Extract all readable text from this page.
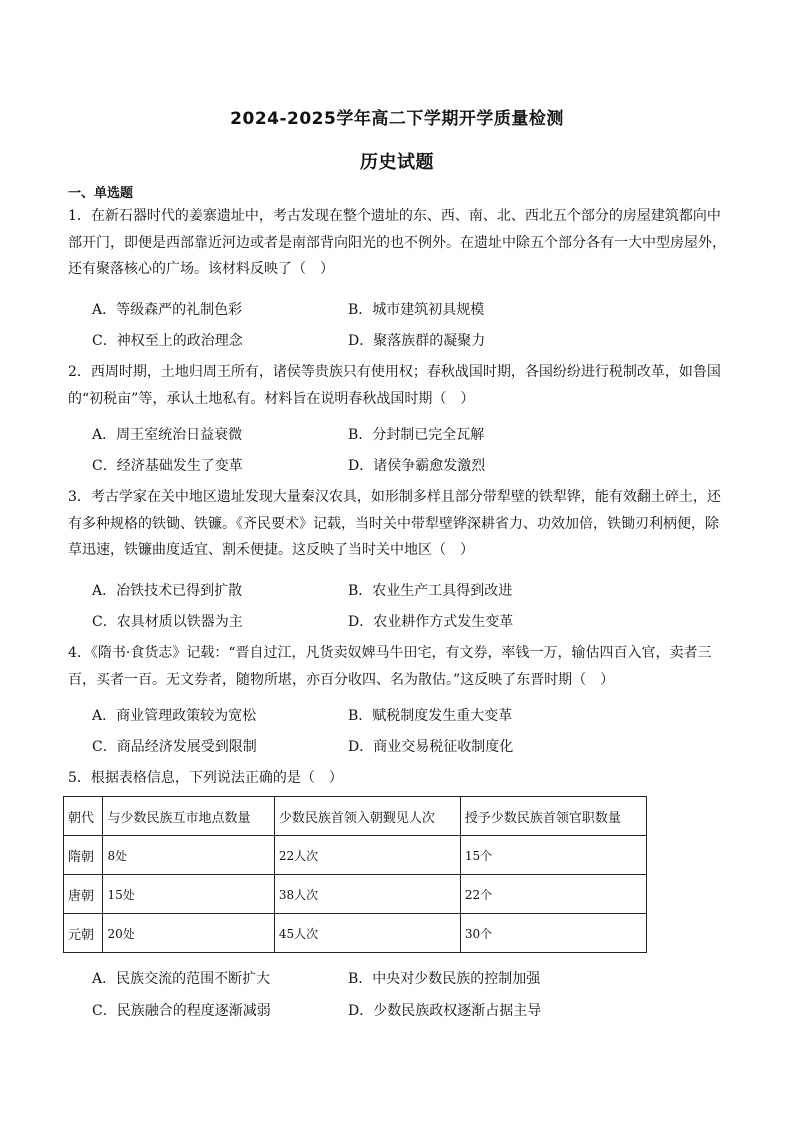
2024-2025学年高二下学期开学质量检测
历史试题
一、单选题
1．在新石器时代的姜寨遗址中，考古发现在整个遗址的东、西、南、北、西北五个部分的房屋建筑都向中部开门，即便是西部靠近河边或者是南部背向阳光的也不例外。在遗址中除五个部分各有一大中型房屋外，还有聚落核心的广场。该材料反映了（　）
A．等级森严的礼制色彩	B．城市建筑初具规模
C．神权至上的政治理念	D．聚落族群的凝聚力
2．西周时期，土地归周王所有，诸侯等贵族只有使用权；春秋战国时期，各国纷纷进行税制改革，如鲁国的“初税亩”等，承认土地私有。材料旨在说明春秋战国时期（　）
A．周王室统治日益衰微	B．分封制已完全瓦解
C．经济基础发生了变革	D．诸侯争霸愈发激烈
3．考古学家在关中地区遗址发现大量秦汉农具，如形制多样且部分带犁壁的铁犁铧，能有效翻土碎土，还有多种规格的铁锄、铁镰。《齐民要术》记载，当时关中带犁壁铧深耕省力、功效加倍，铁锄刃利柄便，除草迅速，铁镰曲度适宜、割禾便捷。这反映了当时关中地区（　）
A．冶铁技术已得到扩散	B．农业生产工具得到改进
C．农具材质以铁器为主	D．农业耕作方式发生变革
4．《隋书·食货志》记载：“晋自过江，凡货卖奴婢马牛田宅，有文券，率钱一万，输估四百入官，卖者三百，买者一百。无文券者，随物所堪，亦百分收四、名为散估。”这反映了东晋时期（　）
A．商业管理政策较为宽松	B．赋税制度发生重大变革
C．商品经济发展受到限制	D．商业交易税征收制度化
5．根据表格信息，下列说法正确的是（　）
朝代	与少数民族互市地点数量	少数民族首领入朝觐见人次	授予少数民族首领官职数量
隋朝	8处	22人次	15个
唐朝	15处	38人次	22个
元朝	20处	45人次	30个
A．民族交流的范围不断扩大	B．中央对少数民族的控制加强
C．民族融合的程度逐渐减弱	D．少数民族政权逐渐占据主导
